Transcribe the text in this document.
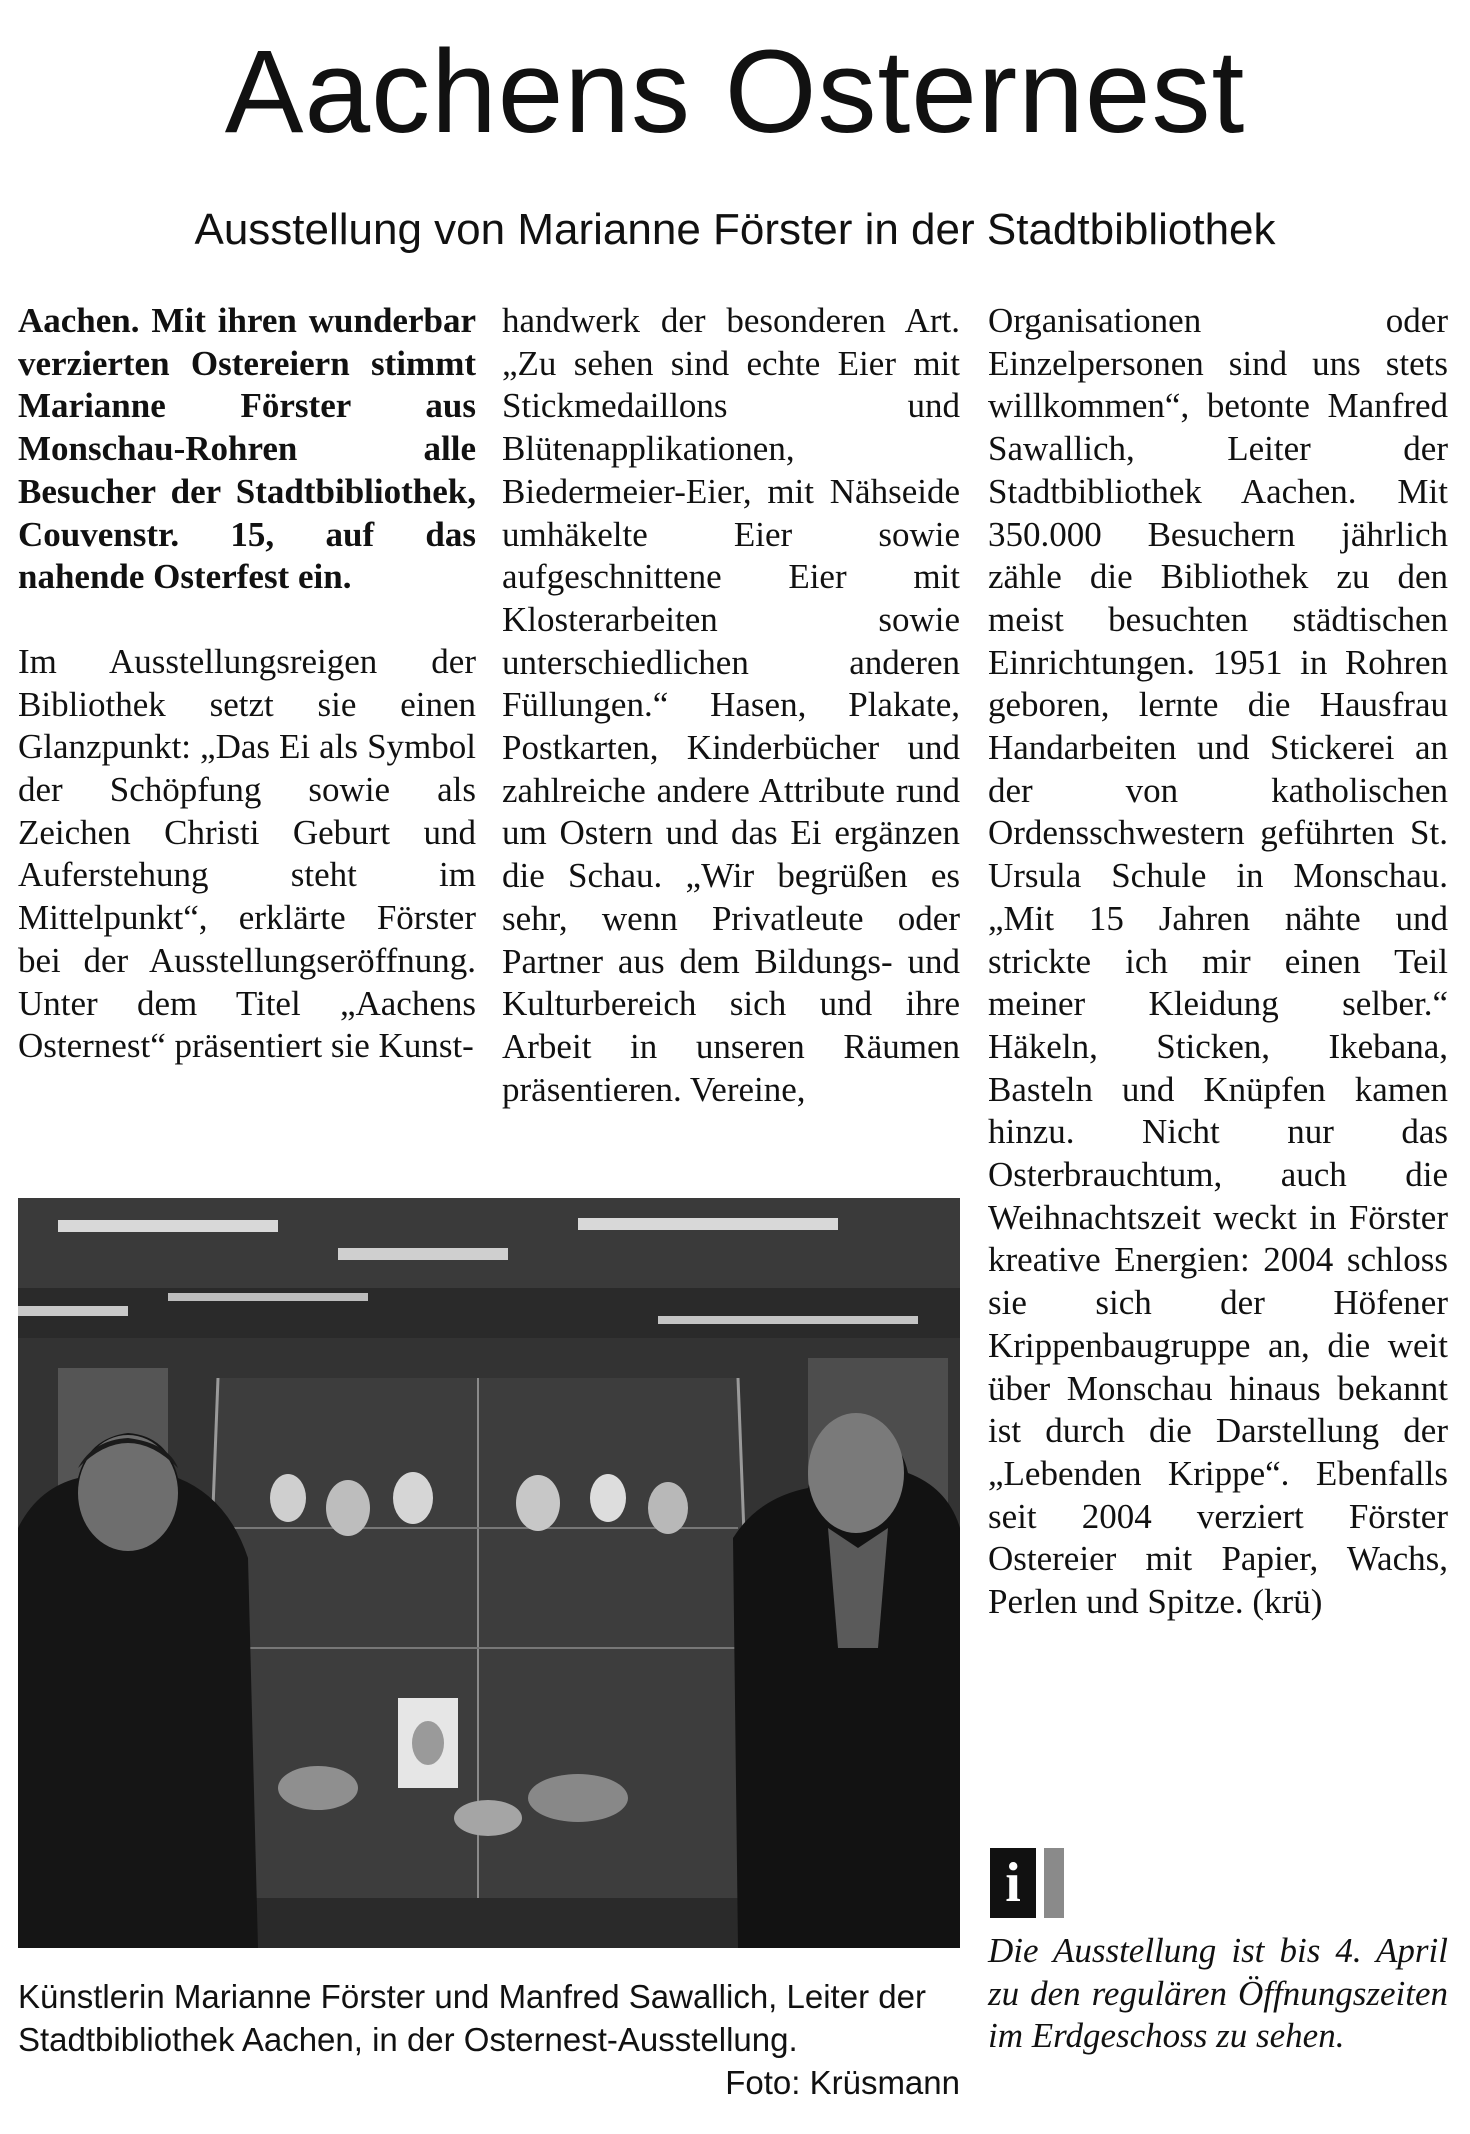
Aachens Osternest
Ausstellung von Marianne Förster in der Stadtbibliothek

Aachen. Mit ihren wunderbar verzierten Ostereiern stimmt Marianne Förster aus Monschau-Rohren alle Besucher der Stadtbibliothek, Couvenstr. 15, auf das nahende Osterfest ein.

Im Ausstellungsreigen der Bibliothek setzt sie einen Glanzpunkt: „Das Ei als Symbol der Schöpfung sowie als Zeichen Christi Geburt und Auferstehung steht im Mittelpunkt“, erklärte Förster bei der Ausstellungseröffnung. Unter dem Titel „Aachens Osternest“ präsentiert sie Kunst-

handwerk der besonderen Art. „Zu sehen sind echte Eier mit Stickmedaillons und Blütenapplikationen, Biedermeier-Eier, mit Nähseide umhäkelte Eier sowie aufgeschnittene Eier mit Klosterarbeiten sowie unterschiedlichen anderen Füllungen.“ Hasen, Plakate, Postkarten, Kinderbücher und zahlreiche andere Attribute rund um Ostern und das Ei ergänzen die Schau. „Wir begrüßen es sehr, wenn Privatleute oder Partner aus dem Bildungs- und Kulturbereich sich und ihre Arbeit in unseren Räumen präsentieren. Vereine,

Organisationen oder Einzelpersonen sind uns stets willkommen“, betonte Manfred Sawallich, Leiter der Stadtbibliothek Aachen. Mit 350.000 Besuchern jährlich zähle die Bibliothek zu den meist besuchten städtischen Einrichtungen. 1951 in Rohren geboren, lernte die Hausfrau Handarbeiten und Stickerei an der von katholischen Ordensschwestern geführten St. Ursula Schule in Monschau. „Mit 15 Jahren nähte und strickte ich mir einen Teil meiner Kleidung selber.“ Häkeln, Sticken, Ikebana, Basteln und Knüpfen kamen hinzu. Nicht nur das Osterbrauchtum, auch die Weihnachtszeit weckt in Förster kreative Energien: 2004 schloss sie sich der Höfener Krippenbaugruppe an, die weit über Monschau hinaus bekannt ist durch die Darstellung der „Lebenden Krippe“. Ebenfalls seit 2004 verziert Förster Ostereier mit Papier, Wachs, Perlen und Spitze. (krü)

Künstlerin Marianne Förster und Manfred Sawallich, Leiter der Stadtbibliothek Aachen, in der Osternest-Ausstellung.
Foto: Krüsmann
i
Die Ausstellung ist bis 4. April zu den regulären Öffnungszeiten im Erdgeschoss zu sehen.
